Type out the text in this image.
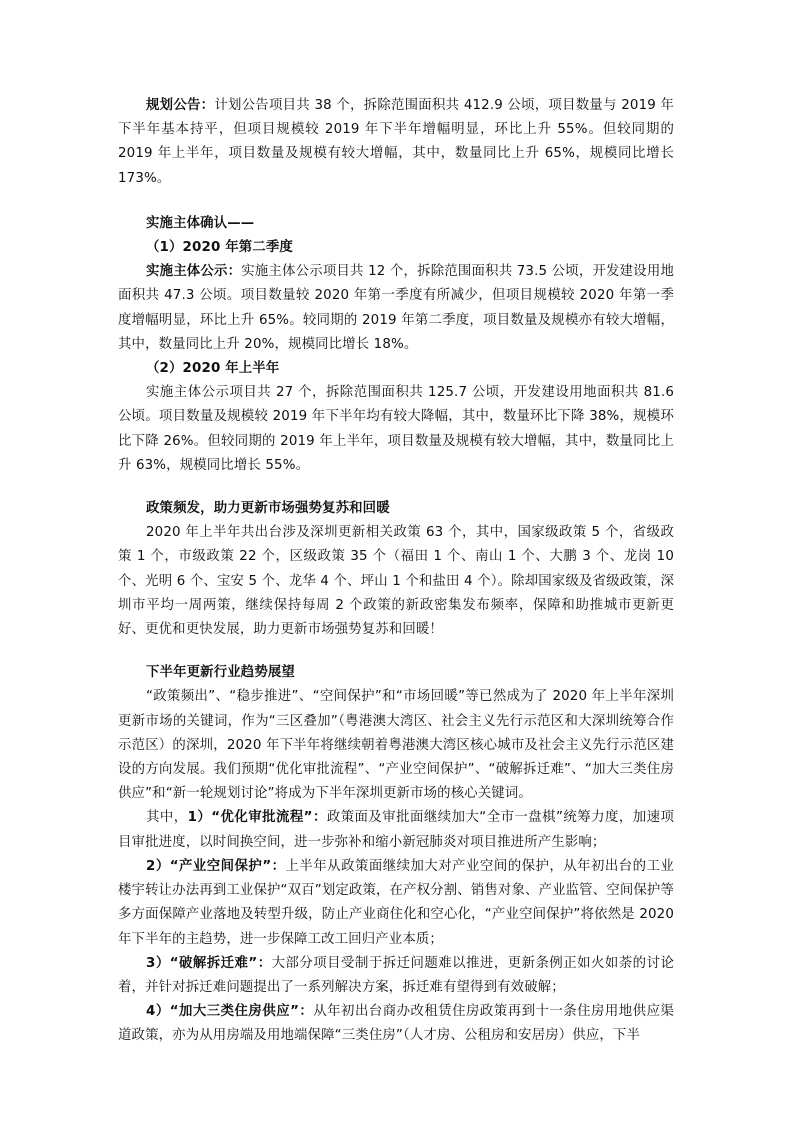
规划公告：计划公告项目共 38 个，拆除范围面积共 412.9 公顷，项目数量与 2019 年下半年基本持平，但项目规模较 2019 年下半年增幅明显，环比上升 55%。但较同期的 2019 年上半年，项目数量及规模有较大增幅，其中，数量同比上升 65%，规模同比增长 173%。

实施主体确认——

（1）2020 年第二季度

实施主体公示：实施主体公示项目共 12 个，拆除范围面积共 73.5 公顷，开发建设用地面积共 47.3 公顷。项目数量较 2020 年第一季度有所减少，但项目规模较 2020 年第一季度增幅明显，环比上升 65%。较同期的 2019 年第二季度，项目数量及规模亦有较大增幅，其中，数量同比上升 20%，规模同比增长 18%。

（2）2020 年上半年

实施主体公示项目共 27 个，拆除范围面积共 125.7 公顷，开发建设用地面积共 81.6 公顷。项目数量及规模较 2019 年下半年均有较大降幅，其中，数量环比下降 38%，规模环比下降 26%。但较同期的 2019 年上半年，项目数量及规模有较大增幅，其中，数量同比上升 63%，规模同比增长 55%。

政策频发，助力更新市场强势复苏和回暖

2020 年上半年共出台涉及深圳更新相关政策 63 个，其中，国家级政策 5 个，省级政策 1 个，市级政策 22 个，区级政策 35 个（福田 1 个、南山 1 个、大鹏 3 个、龙岗 10 个、光明 6 个、宝安 5 个、龙华 4 个、坪山 1 个和盐田 4 个）。除却国家级及省级政策，深圳市平均一周两策，继续保持每周 2 个政策的新政密集发布频率，保障和助推城市更新更好、更优和更快发展，助力更新市场强势复苏和回暖！

下半年更新行业趋势展望

“政策频出”、“稳步推进”、“空间保护”和“市场回暖”等已然成为了 2020 年上半年深圳更新市场的关键词，作为“三区叠加”（粤港澳大湾区、社会主义先行示范区和大深圳统筹合作示范区）的深圳，2020 年下半年将继续朝着粤港澳大湾区核心城市及社会主义先行示范区建设的方向发展。我们预期“优化审批流程”、“产业空间保护”、“破解拆迁难”、“加大三类住房供应”和“新一轮规划讨论”将成为下半年深圳更新市场的核心关键词。

其中，1）“优化审批流程”：政策面及审批面继续加大“全市一盘棋”统筹力度，加速项目审批进度，以时间换空间，进一步弥补和缩小新冠肺炎对项目推进所产生影响；

2）“产业空间保护”：上半年从政策面继续加大对产业空间的保护，从年初出台的工业楼宇转让办法再到工业保护“双百”划定政策，在产权分割、销售对象、产业监管、空间保护等多方面保障产业落地及转型升级，防止产业商住化和空心化，“产业空间保护”将依然是 2020 年下半年的主趋势，进一步保障工改工回归产业本质；

3）“破解拆迁难”：大部分项目受制于拆迁问题难以推进，更新条例正如火如荼的讨论着，并针对拆迁难问题提出了一系列解决方案，拆迁难有望得到有效破解；

4）“加大三类住房供应”：从年初出台商办改租赁住房政策再到十一条住房用地供应渠道政策，亦为从用房端及用地端保障“三类住房”（人才房、公租房和安居房）供应，下半
